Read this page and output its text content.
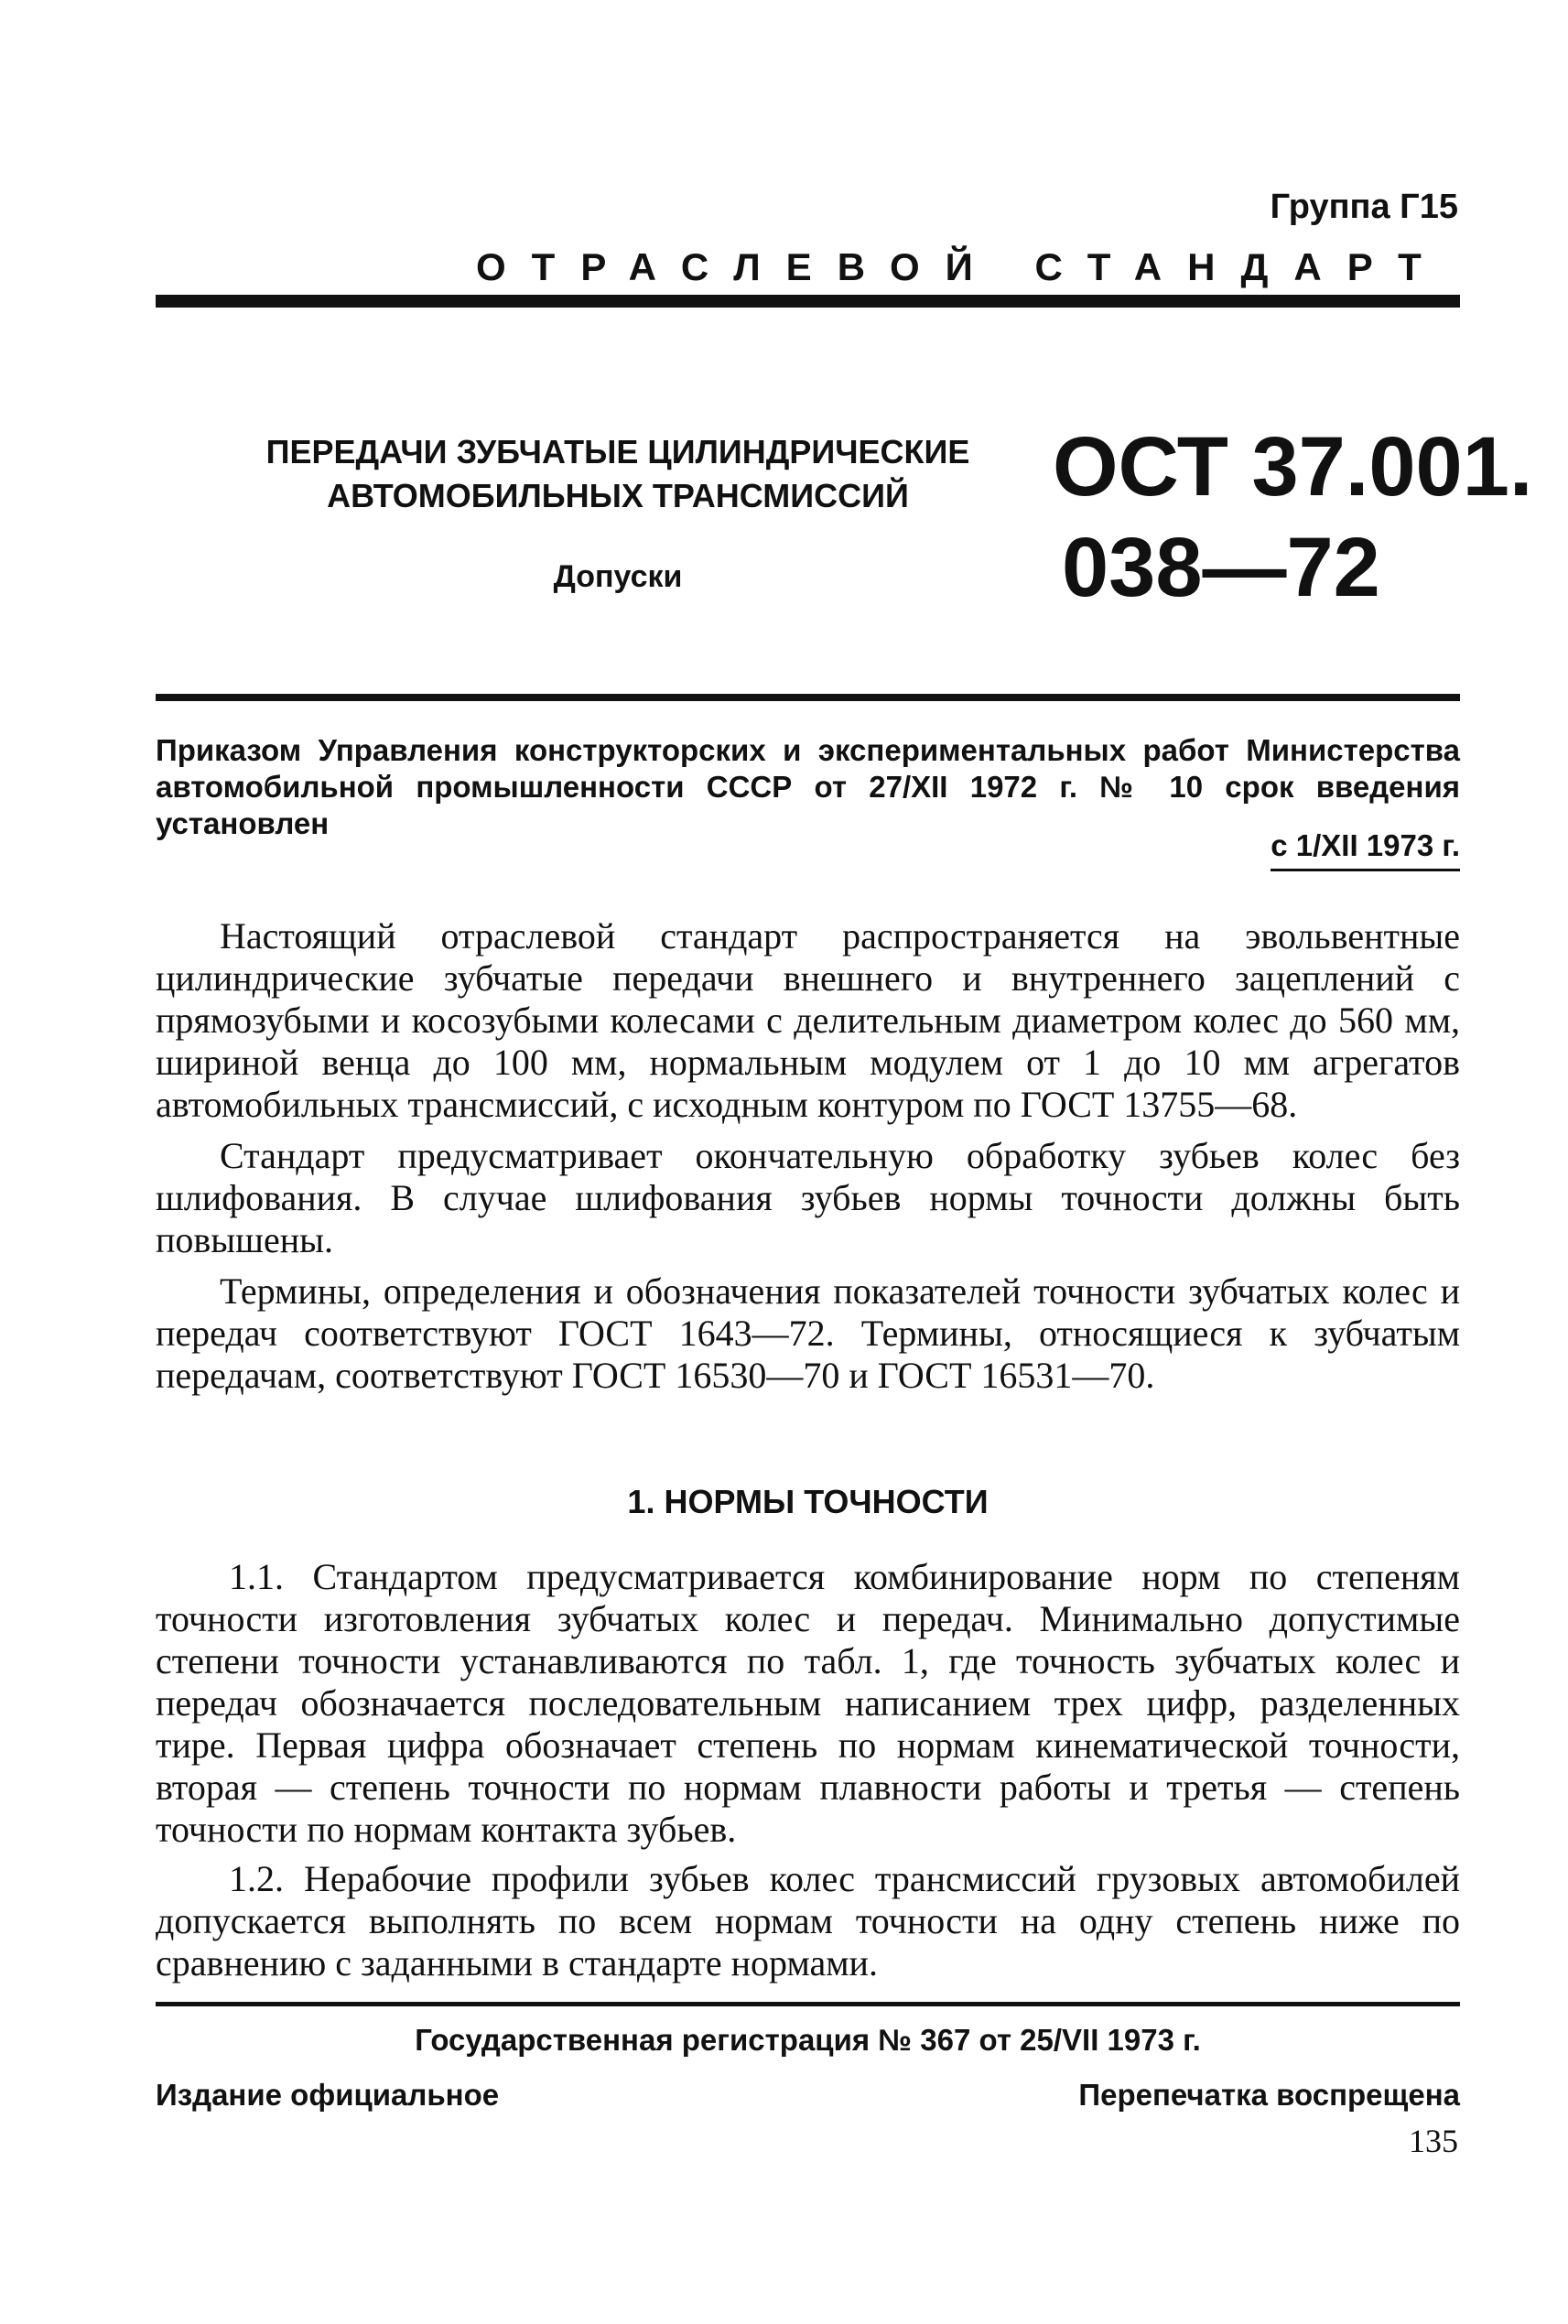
Группа Г15
ОТРАСЛЕВОЙ СТАНДАРТ
ПЕРЕДАЧИ ЗУБЧАТЫЕ ЦИЛИНДРИЧЕСКИЕ
АВТОМОБИЛЬНЫХ ТРАНСМИССИЙ
Допуски
ОСТ 37.001.
038—72
Приказом Управления конструкторских и экспериментальных работ Министерства автомобильной промышленности СССР от 27/XII 1972 г. № 10 срок введения установлен
с 1/XII 1973 г.

Настоящий отраслевой стандарт распространяется на эвольвентные цилиндрические зубчатые передачи внешнего и внутреннего зацеплений с прямозубыми и косозубыми колесами с делительным диаметром колес до 560 мм, шириной венца до 100 мм, нормальным модулем от 1 до 10 мм агрегатов автомобильных трансмиссий, с исходным контуром по ГОСТ 13755—68.

Стандарт предусматривает окончательную обработку зубьев колес без шлифования. В случае шлифования зубьев нормы точности должны быть повышены.

Термины, определения и обозначения показателей точности зубчатых колес и передач соответствуют ГОСТ 1643—72. Термины, относящиеся к зубчатым передачам, соответствуют ГОСТ 16530—70 и ГОСТ 16531—70.

1. НОРМЫ ТОЧНОСТИ

1.1. Стандартом предусматривается комбинирование норм по степеням точности изготовления зубчатых колес и передач. Минимально допустимые степени точности устанавливаются по табл. 1, где точность зубчатых колес и передач обозначается последовательным написанием трех цифр, разделенных тире. Первая цифра обозначает степень по нормам кинематической точности, вторая — степень точности по нормам плавности работы и третья — степень точности по нормам контакта зубьев.

1.2. Нерабочие профили зубьев колес трансмиссий грузовых автомобилей допускается выполнять по всем нормам точности на одну степень ниже по сравнению с заданными в стандарте нормами.

Государственная регистрация № 367 от 25/VII 1973 г.
Издание официальное	Перепечатка воспрещена
135
